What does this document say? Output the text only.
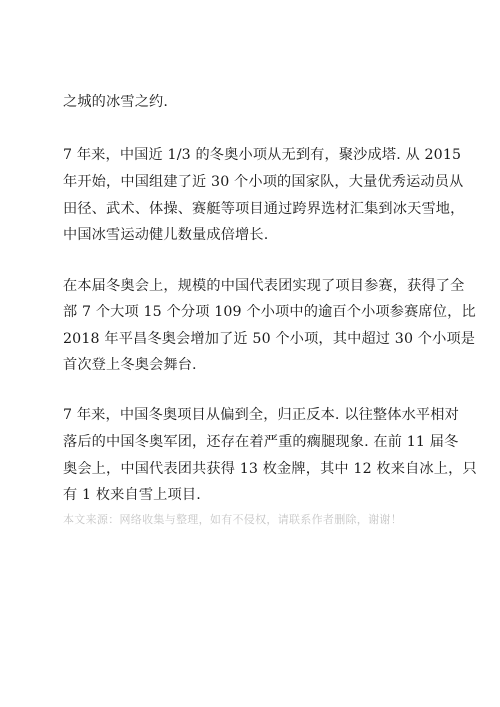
之城的冰雪之约.
7 年来，中国近 1/3 的冬奥小项从无到有，聚沙成塔. 从 2015
年开始，中国组建了近 30 个小项的国家队，大量优秀运动员从
田径、武术、体操、赛艇等项目通过跨界选材汇集到冰天雪地，
中国冰雪运动健儿数量成倍增长.
在本届冬奥会上，规模的中国代表团实现了项目参赛，获得了全
部 7 个大项 15 个分项 109 个小项中的逾百个小项参赛席位，比
2018 年平昌冬奥会增加了近 50 个小项，其中超过 30 个小项是
首次登上冬奥会舞台.
7 年来，中国冬奥项目从偏到全，归正反本. 以往整体水平相对
落后的中国冬奥军团，还存在着严重的瘸腿现象. 在前 11 届冬
奥会上，中国代表团共获得 13 枚金牌，其中 12 枚来自冰上，只
有 1 枚来自雪上项目.
本文来源：网络收集与整理，如有不侵权，请联系作者删除，谢谢！
